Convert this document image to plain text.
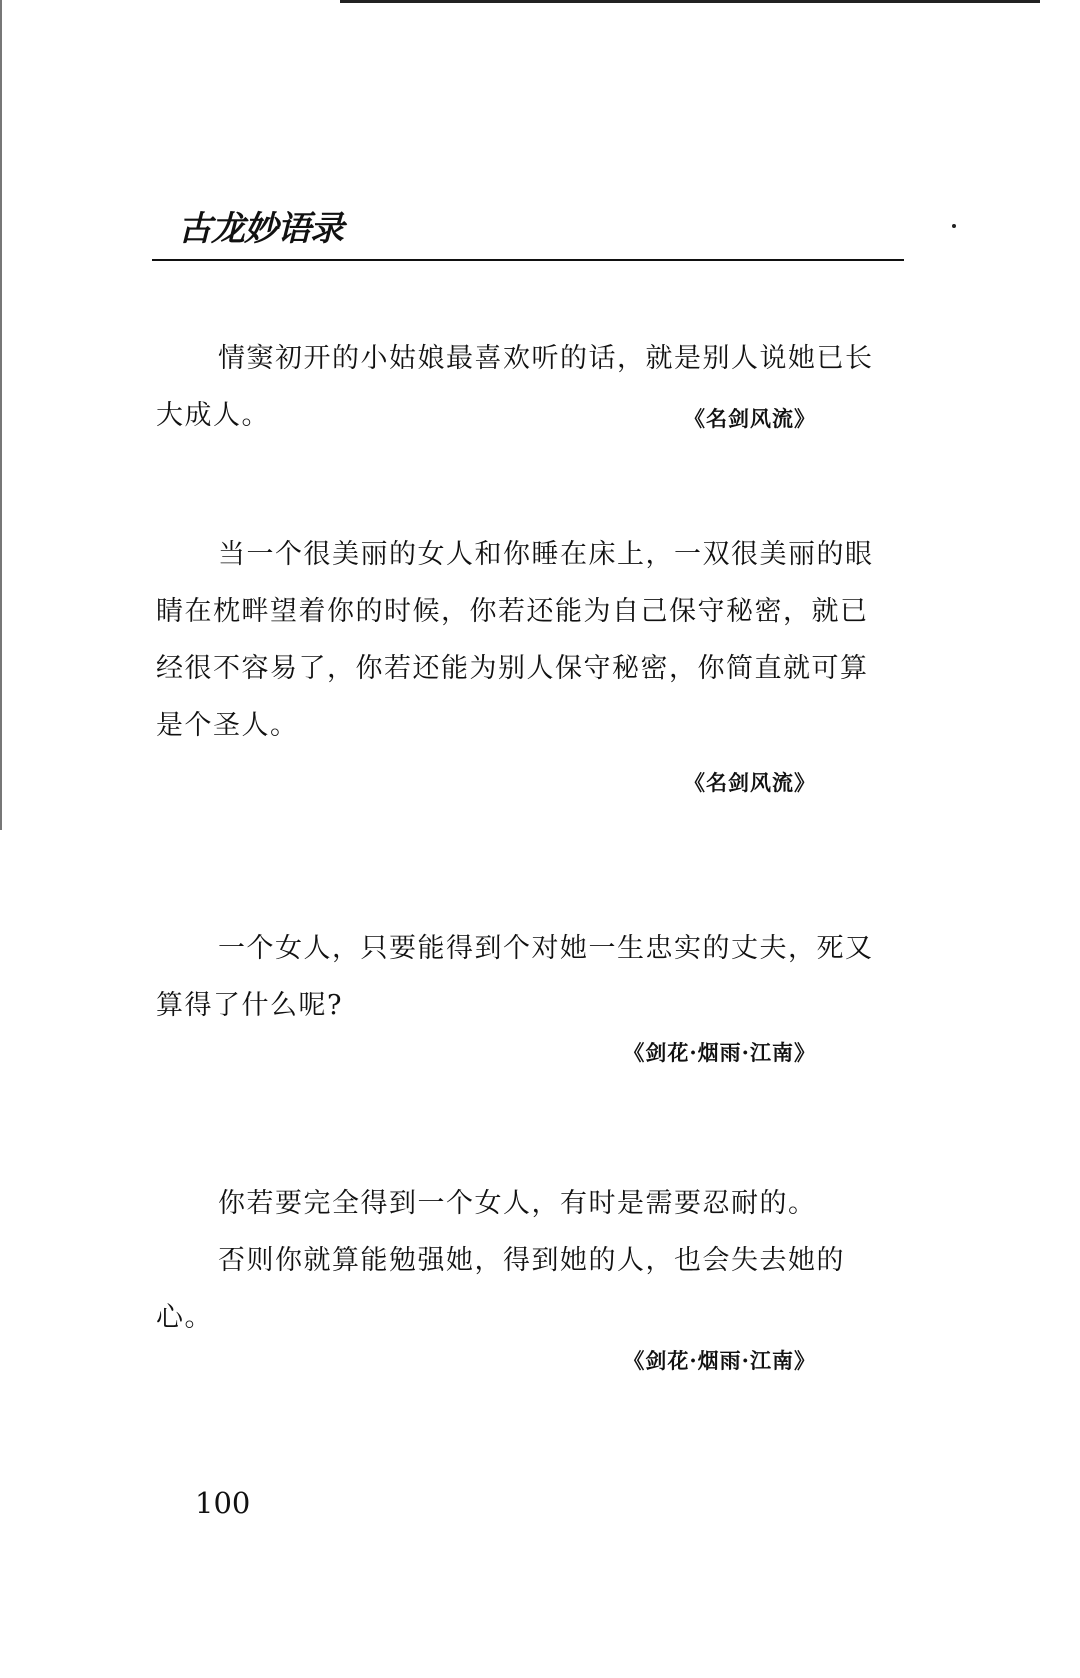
古龙妙语录
情窦初开的小姑娘最喜欢听的话，就是别人说她已长
大成人。	《名剑风流》
当一个很美丽的女人和你睡在床上，一双很美丽的眼
睛在枕畔望着你的时候，你若还能为自己保守秘密，就已
经很不容易了，你若还能为别人保守秘密，你简直就可算
是个圣人。
《名剑风流》
一个女人，只要能得到个对她一生忠实的丈夫，死又
算得了什么呢?
《剑花·烟雨·江南》
你若要完全得到一个女人，有时是需要忍耐的。
否则你就算能勉强她，得到她的人，也会失去她的
心。
《剑花·烟雨·江南》
100
